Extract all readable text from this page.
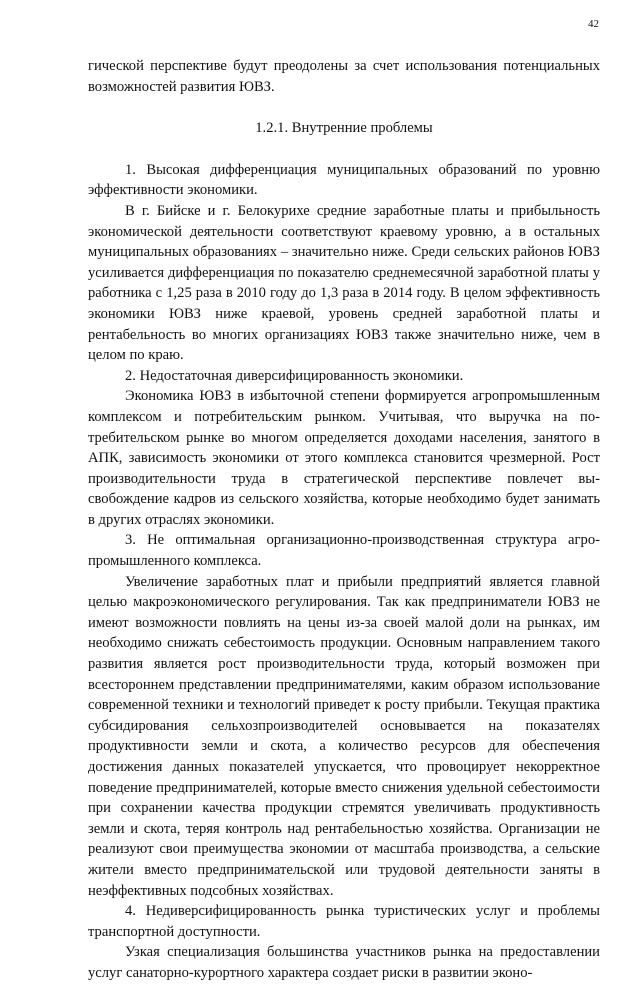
42

гической перспективе будут преодолены за счет использования потенциальных возможностей развития ЮВЗ.

1.2.1. Внутренние проблемы

1. Высокая дифференциация муниципальных образований по уровню эффективности экономики.

В г. Бийске и г. Белокурихе средние заработные платы и прибыльность экономической деятельности соответствуют краевому уровню, а в остальных муниципальных образованиях – значительно ниже. Среди сельских районов ЮВЗ усиливается дифференциация по показателю среднемесячной заработной платы у работника с 1,25 раза в 2010 году до 1,3 раза в 2014 году. В целом эффективность экономики ЮВЗ ниже краевой, уровень средней заработной платы и рентабельность во многих организациях ЮВЗ также значительно ниже, чем в целом по краю.

2. Недостаточная диверсифицированность экономики.

Экономика ЮВЗ в избыточной степени формируется агропромышленным комплексом и потребительским рынком. Учитывая, что выручка на потребительском рынке во многом определяется доходами населения, занятого в АПК, зависимость экономики от этого комплекса становится чрезмерной. Рост производительности труда в стратегической перспективе повлечет высвобождение кадров из сельского хозяйства, которые необходимо будет занимать в других отраслях экономики.

3. Не оптимальная организационно-производственная структура агропромышленного комплекса.

Увеличение заработных плат и прибыли предприятий является главной целью макроэкономического регулирования. Так как предприниматели ЮВЗ не имеют возможности повлиять на цены из-за своей малой доли на рынках, им необходимо снижать себестоимость продукции. Основным направлением такого развития является рост производительности труда, который возможен при всестороннем представлении предпринимателями, каким образом использование современной техники и технологий приведет к росту прибыли. Текущая практика субсидирования сельхозпроизводителей основывается на показателях продуктивности земли и скота, а количество ресурсов для обеспечения достижения данных показателей упускается, что провоцирует некорректное поведение предпринимателей, которые вместо снижения удельной себестоимости при сохранении качества продукции стремятся увеличивать продуктивность земли и скота, теряя контроль над рентабельностью хозяйства. Организации не реализуют свои преимущества экономии от масштаба производства, а сельские жители вместо предпринимательской или трудовой деятельности заняты в неэффективных подсобных хозяйствах.

4. Недиверсифицированность рынка туристических услуг и проблемы транспортной доступности.

Узкая специализация большинства участников рынка на предоставлении услуг санаторно-курортного характера создает риски в развитии эконо-
